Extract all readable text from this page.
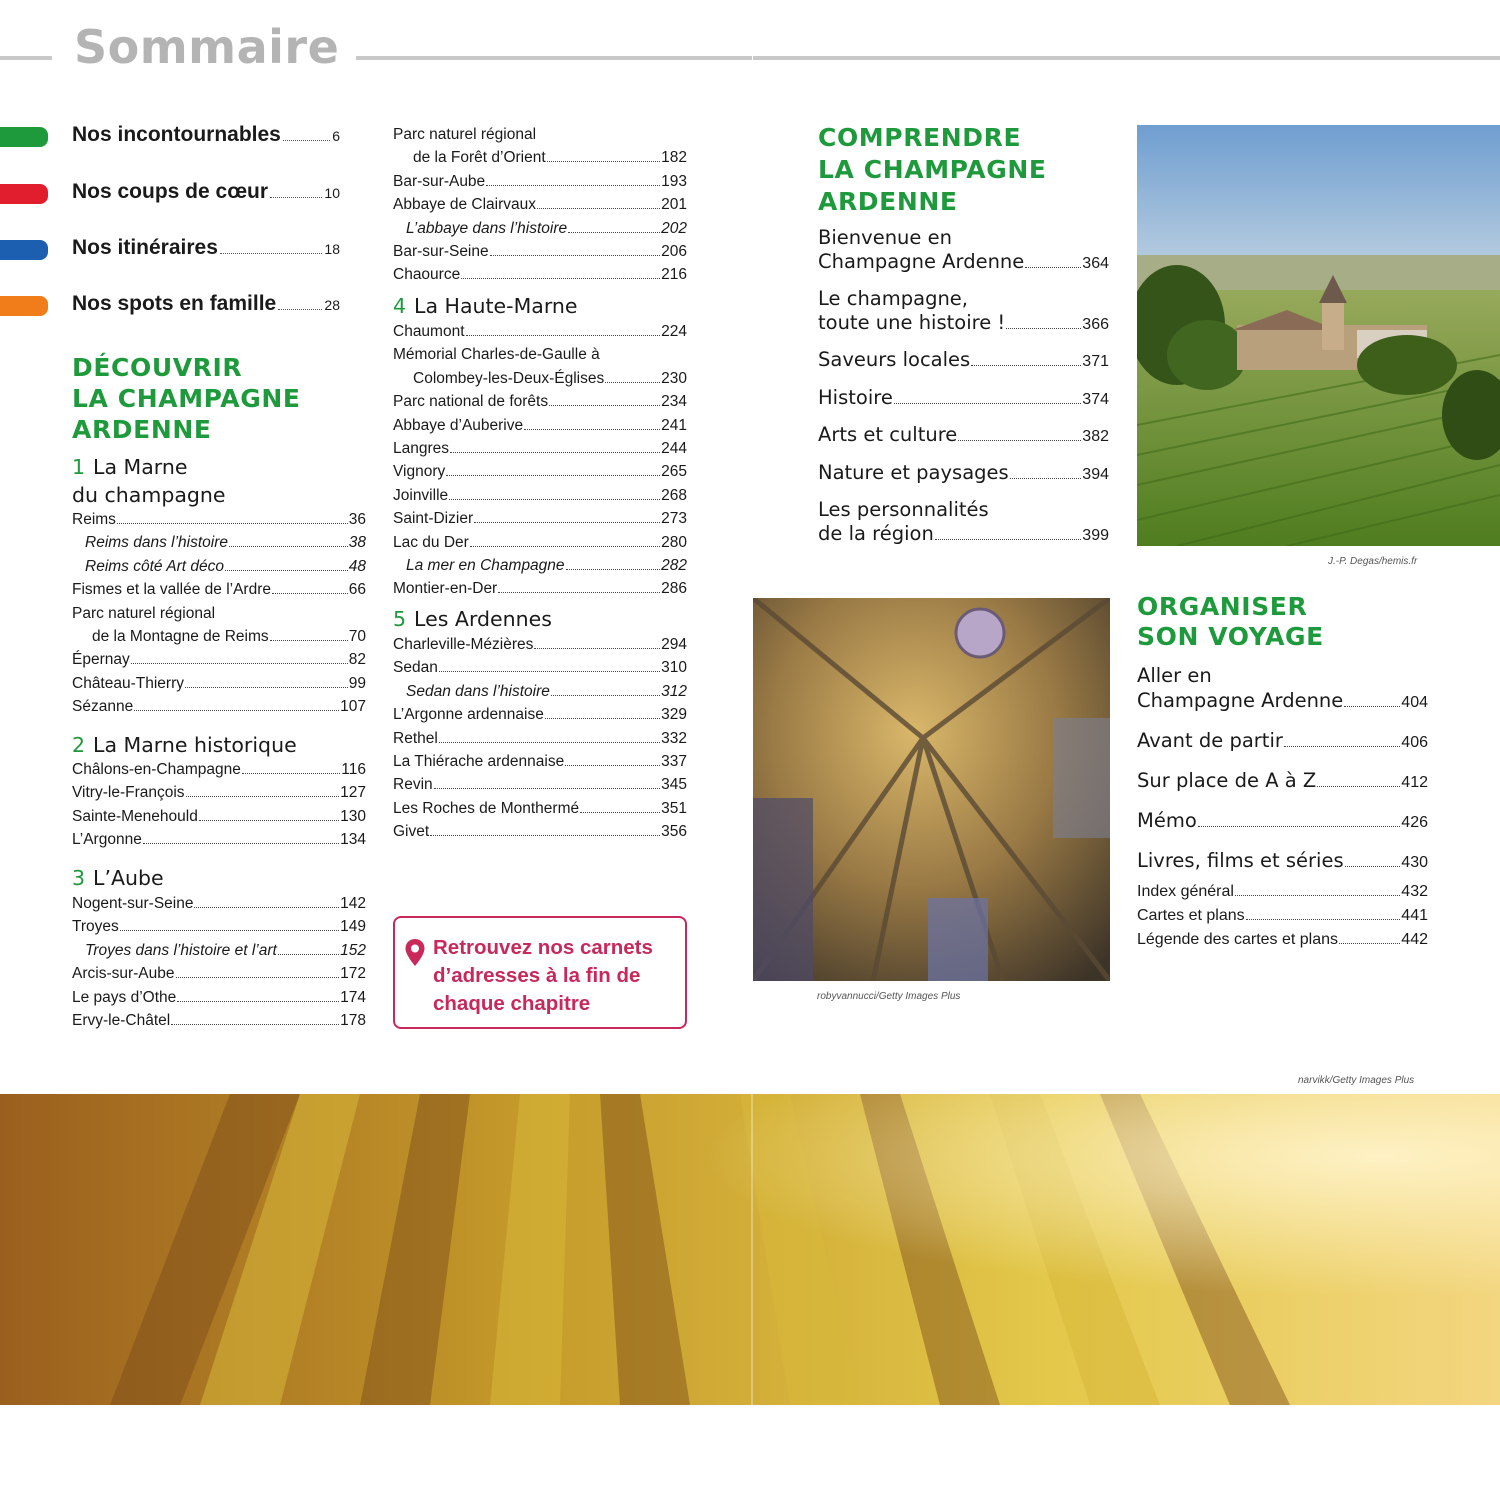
Sommaire
Nos incontournables	6
Nos coups de cœur	10
Nos itinéraires	18
Nos spots en famille	28
DÉCOUVRIR
LA CHAMPAGNE
ARDENNE
1 La Marne
du champagne
Reims	36
Reims dans l’histoire	38
Reims côté Art déco	48
Fismes et la vallée de l’Ardre	66
Parc naturel régional
de la Montagne de Reims	70
Épernay	82
Château-Thierry	99
Sézanne	107
2 La Marne historique
Châlons-en-Champagne	116
Vitry-le-François	127
Sainte-Menehould	130
L’Argonne	134
3 L’Aube
Nogent-sur-Seine	142
Troyes	149
Troyes dans l’histoire et l’art	152
Arcis-sur-Aube	172
Le pays d’Othe	174
Ervy-le-Châtel	178
Parc naturel régional
de la Forêt d’Orient	182
Bar-sur-Aube	193
Abbaye de Clairvaux	201
L’abbaye dans l’histoire	202
Bar-sur-Seine	206
Chaource	216
4 La Haute-Marne
Chaumont	224
Mémorial Charles-de-Gaulle à
Colombey-les-Deux-Églises	230
Parc national de forêts	234
Abbaye d’Auberive	241
Langres	244
Vignory	265
Joinville	268
Saint-Dizier	273
Lac du Der	280
La mer en Champagne	282
Montier-en-Der	286
5 Les Ardennes
Charleville-Mézières	294
Sedan	310
Sedan dans l’histoire	312
L’Argonne ardennaise	329
Rethel	332
La Thiérache ardennaise	337
Revin	345
Les Roches de Monthermé	351
Givet	356
Retrouvez nos carnets
d’adresses à la fin de
chaque chapitre
COMPRENDRE
LA CHAMPAGNE
ARDENNE
Bienvenue en
Champagne Ardenne	364
Le champagne,
toute une histoire !	366
Saveurs locales	371
Histoire	374
Arts et culture	382
Nature et paysages	394
Les personnalités
de la région	399
J.-P. Degas/hemis.fr
robyvannucci/Getty Images Plus
ORGANISER
SON VOYAGE
Aller en
Champagne Ardenne	404
Avant de partir	406
Sur place de A à Z	412
Mémo	426
Livres, films et séries	430
Index général	432
Cartes et plans	441
Légende des cartes et plans	442
narvikk/Getty Images Plus
